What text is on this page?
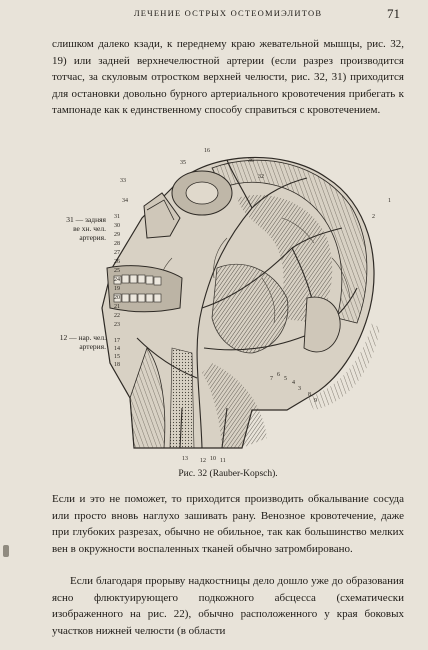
ЛЕЧЕНИЕ ОСТРЫХ ОСТЕОМИЭЛИТОВ	71
слишком далеко кзади, к переднему краю жевательной мышцы, рис. 32, 19) или задней верхнечелюстной артерии (если разрез производится тотчас, за скуловым отростком верхней челюсти, рис. 32, 31) приходится для остановки довольно бурного артериального кровотечения прибегать к тампонаде как к единственному способу справиться с кровотечением.
16
35
33
34
31
30
29
28
27
26
25
24
1
2
3
4
5
6
7
8
9
10 11
12
13
14
15
17
18
19
20
21
22
23
32
36
31 — задняя
ве хн. чел.
артерия.
12 — нар. чел.
артерия.
Рис. 32 (Rauber-Kopsch).
Если и это не поможет, то приходится производить обкалывание сосуда или просто вновь наглухо зашивать рану. Венозное кровотечение, даже при глубоких разрезах, обычно не обильное, так как большинство мелких вен в окружности воспаленных тканей обычно затромбировано.
Если благодаря прорыву надкостницы дело дошло уже до образования ясно флюктуирующего подкожного абсцесса (схематически изображенного на рис. 22), обычно расположенного у края боковых участков нижней челюсти (в области
